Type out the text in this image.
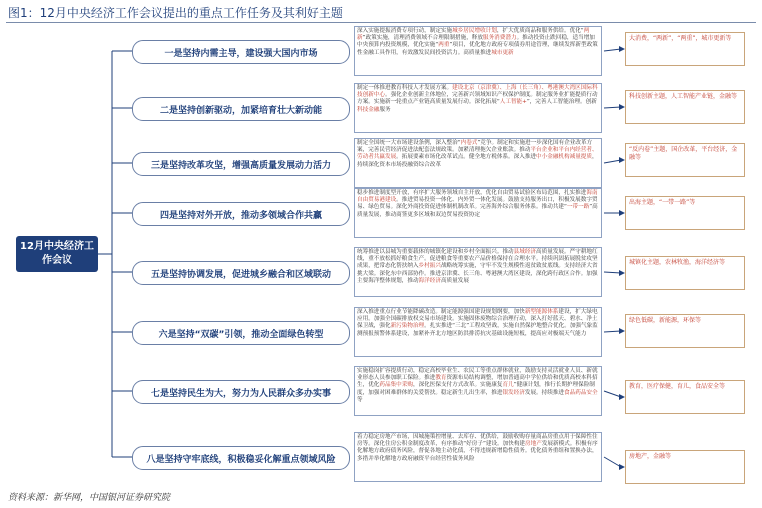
图1：12月中央经济工作会议提出的重点工作任务及其利好主题
12月中央经济工作会议
一是坚持内需主导，建设强大国内市场
深入实施提振消费专项行动，制定实施城乡居民增收计划，扩大优质商品和服务供给。优化“两新”政策实施，清理消费领域不合理限制措施，释放服务消费潜力。推动投资止跌回稳，适当增加中央预算内投资规模，优化实施“两重”项目，优化地方政府专项债券用途管理，继续发挥新型政策性金融工具作用，有效激发民间投资活力。高质量推进城市更新
大消费，“两新”，“两重”，城市更新等
二是坚持创新驱动，加紧培育壮大新动能
制定一体推进教育科技人才发展方案。建设北京（京津冀）、上海（长三角）、粤港澳大湾区国际科技创新中心。强化企业创新主体地位，完善新兴领域知识产权保护制度。制定服务业扩能提质行动方案。实施新一轮重点产业链高质量发展行动。深化拓展“人工智能+”，完善人工智能治理。创新科技金融服务
科技创新主题，人工智能产业链，金融等
三是坚持改革攻坚，增强高质量发展动力活力
制定全国统一大市场建设条例，深入整治“内卷式”竞争。制定和实施进一步深化国有企业改革方案，完善民营经济促进法配套法规政策。加紧清理拖欠企业账款。推动平台企业和平台内经营者、劳动者共赢发展。拓展要素市场化改革试点。健全地方税体系。深入推进中小金融机构减量提质，持续深化资本市场投融资综合改革
“反内卷”主题，国企改革，平台经济，金融等
四是坚持对外开放，推动多领域合作共赢
稳步推进制度型开放，有序扩大服务领域自主开放，优化自由贸易试验区布局范围，扎实推进海南自由贸易港建设。推进贸易投资一体化、内外贸一体化发展。鼓励支持服务出口，积极发展数字贸易、绿色贸易。深化外商投资促进体制机制改革。完善海外综合服务体系。推动共建“一带一路”高质量发展，推动商签更多区域和双边贸易投资协定
出海主题，“一带一路”等
五是坚持协调发展，促进城乡融合和区域联动
统筹推进以县城为重要载体的城镇化建设和乡村全面振兴。推动县域经济高质量发展。严守耕地红线，重不放松抓好粮食生产。促进粮食等重要农产品价格保持在合理水平。持续巩固拓展脱贫攻坚成果，把常态化帮扶纳入乡村振兴战略统筹实施，守牢不发生规模性返贫致贫底线。支持经济大省挑大梁。深化东中西部协作。推进京津冀、长三角、粤港澳大湾区建设，深化跨行政区合作。加强主要海洋整体规划，推动海洋经济高质量发展
城镇化主题，农林牧渔，海洋经济等
六是坚持“双碳”引领，推动全面绿色转型
深入推进重点行业节能降碳改造。制定能源强国建设规划纲要，加快新型能源体系建设，扩大绿电应用。加强全国碳排放权交易市场建设。实施固体废物综合治理行动，深入打好蓝天、碧水、净土保卫战，强化新污染物治理。扎实推进“三北”工程攻坚战，实施自然保护地整合优化。加强气象监测预报预警体系建设，加紧补齐北方地区防洪排涝抗灾基础设施短板，提高应对极端天气能力
绿色低碳，新能源，环保等
七是坚持民生为大，努力为人民群众多办实事
实施稳岗扩容提质行动，稳定高校毕业生、农民工等重点群体就业，鼓励支持灵活就业人员、新就业形态人员参加职工保险。推进教育资源布局结构调整，增加普通高中学位供给和优质高校本科招生，优化药品集中采购，深化医保支付方式改革。实施康复育儿”健康计划，推行长期护理保险制度，加强对困难群体的关爱帮扶。稳定新生儿出生率，推进银发经济发展。持续推进食品药品安全等
教育，医疗保健，育儿，食品安全等
八是坚持守牢底线，积极稳妥化解重点领域风险
着力稳定房地产市场，因城施策控增量、去库存、优供给，鼓励收购存量商品房重点用于保障性住房等。深化住房公积金制度改革，有序推动“好房子”建设。加快构建房地产发展新模式。积极有序化解地方政府债务风险，督促各地主动化债，不得违规新增隐性债务。优化债务重组和置换办法，多措并举化解地方政府融资平台经营性债务风险	房地产，金融等
资料来源：新华网，中国银河证券研究院
